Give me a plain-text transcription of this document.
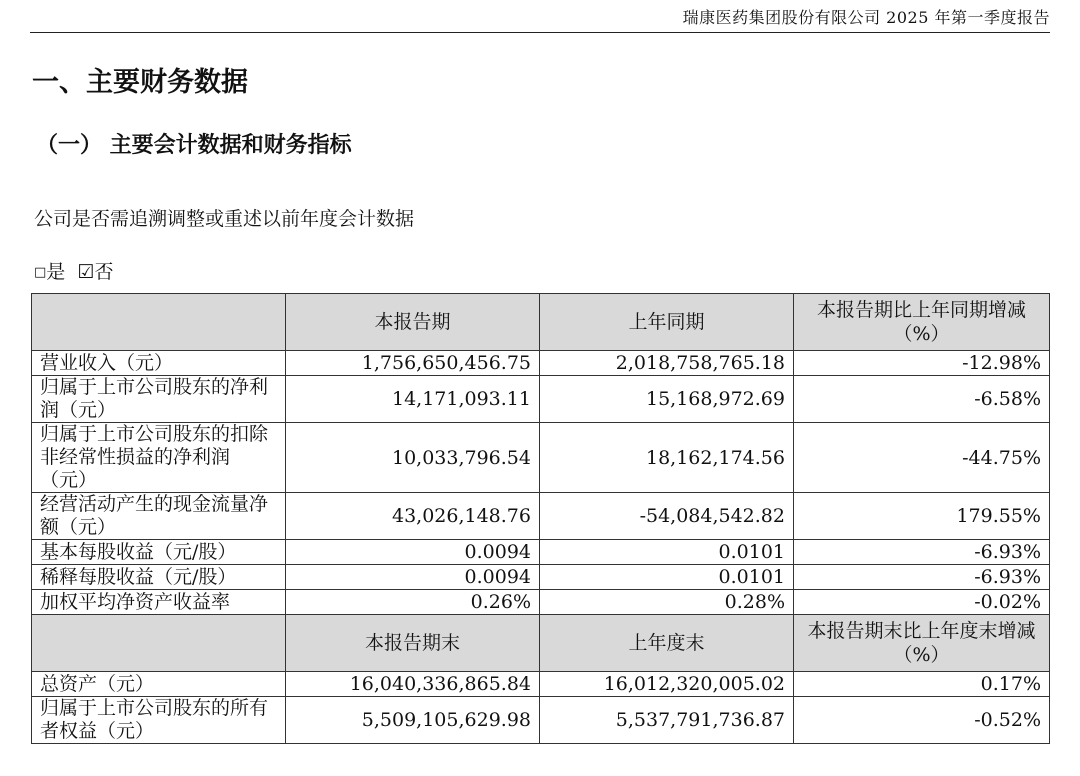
瑞康医药集团股份有限公司 2025 年第一季度报告
一、主要财务数据
（一） 主要会计数据和财务指标
公司是否需追溯调整或重述以前年度会计数据
□是  ☑否
	本报告期	上年同期	本报告期比上年同期增减（%）
营业收入（元）	1,756,650,456.75	2,018,758,765.18	-12.98%
归属于上市公司股东的净利润（元）	14,171,093.11	15,168,972.69	-6.58%
归属于上市公司股东的扣除非经常性损益的净利润（元）	10,033,796.54	18,162,174.56	-44.75%
经营活动产生的现金流量净额（元）	43,026,148.76	-54,084,542.82	179.55%
基本每股收益（元/股）	0.0094	0.0101	-6.93%
稀释每股收益（元/股）	0.0094	0.0101	-6.93%
加权平均净资产收益率	0.26%	0.28%	-0.02%
	本报告期末	上年度末	本报告期末比上年度末增减（%）
总资产（元）	16,040,336,865.84	16,012,320,005.02	0.17%
归属于上市公司股东的所有者权益（元）	5,509,105,629.98	5,537,791,736.87	-0.52%
